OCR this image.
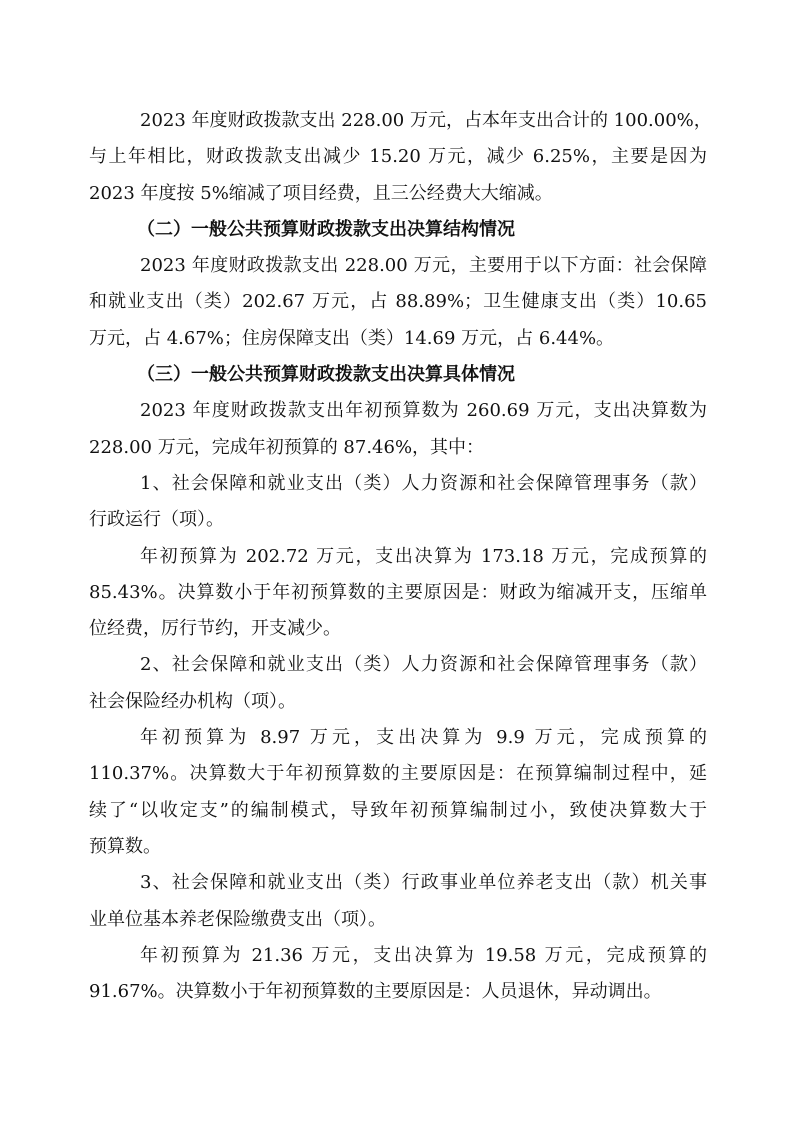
2023 年度财政拨款支出 228.00 万元，占本年支出合计的 100.00%，
与上年相比，财政拨款支出减少 15.20 万元，减少 6.25%，主要是因为
2023 年度按 5%缩减了项目经费，且三公经费大大缩减。
（二）一般公共预算财政拨款支出决算结构情况
2023 年度财政拨款支出 228.00 万元，主要用于以下方面：社会保障
和就业支出（类）202.67 万元，占 88.89%；卫生健康支出（类）10.65
万元，占 4.67%；住房保障支出（类）14.69 万元，占 6.44%。
（三）一般公共预算财政拨款支出决算具体情况
2023 年度财政拨款支出年初预算数为 260.69 万元，支出决算数为
228.00 万元，完成年初预算的 87.46%，其中：
1、社会保障和就业支出（类）人力资源和社会保障管理事务（款）
行政运行（项）。
年初预算为 202.72 万元，支出决算为 173.18 万元，完成预算的
85.43%。决算数小于年初预算数的主要原因是：财政为缩减开支，压缩单
位经费，厉行节约，开支减少。
2、社会保障和就业支出（类）人力资源和社会保障管理事务（款）
社会保险经办机构（项）。
年初预算为 8.97 万元，支出决算为 9.9 万元，完成预算的
110.37%。决算数大于年初预算数的主要原因是：在预算编制过程中，延
续了“以收定支”的编制模式，导致年初预算编制过小，致使决算数大于
预算数。
3、社会保障和就业支出（类）行政事业单位养老支出（款）机关事
业单位基本养老保险缴费支出（项）。
年初预算为 21.36 万元，支出决算为 19.58 万元，完成预算的
91.67%。决算数小于年初预算数的主要原因是：人员退休，异动调出。
